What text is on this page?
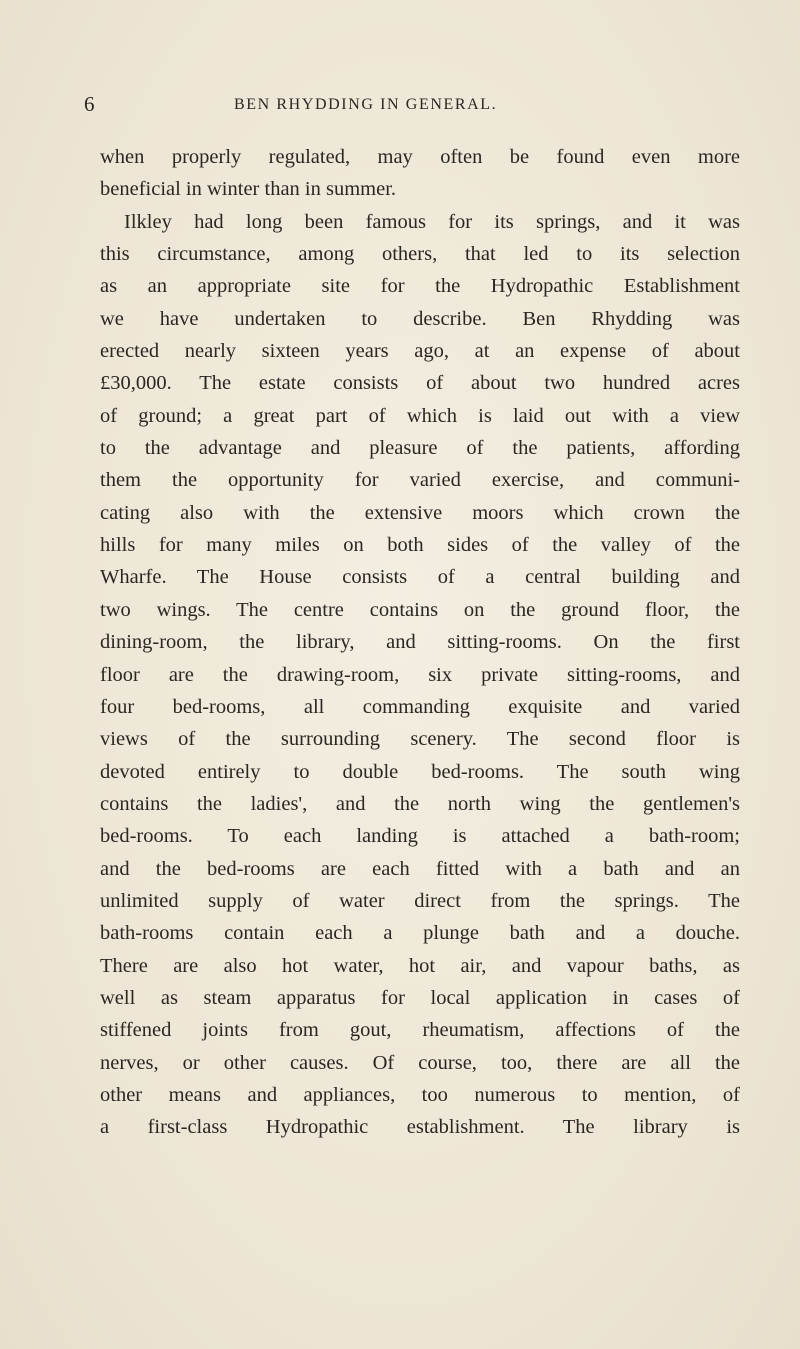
6	BEN RHYDDING IN GENERAL.
when properly regulated, may often be found even more
beneficial in winter than in summer.
Ilkley had long been famous for its springs, and it was
this circumstance, among others, that led to its selection
as an appropriate site for the Hydropathic Establishment
we have undertaken to describe. Ben Rhydding was
erected nearly sixteen years ago, at an expense of about
£30,000. The estate consists of about two hundred acres
of ground; a great part of which is laid out with a view
to the advantage and pleasure of the patients, affording
them the opportunity for varied exercise, and communi-
cating also with the extensive moors which crown the
hills for many miles on both sides of the valley of the
Wharfe. The House consists of a central building and
two wings. The centre contains on the ground floor, the
dining-room, the library, and sitting-rooms. On the first
floor are the drawing-room, six private sitting-rooms, and
four bed-rooms, all commanding exquisite and varied
views of the surrounding scenery. The second floor is
devoted entirely to double bed-rooms. The south wing
contains the ladies', and the north wing the gentlemen's
bed-rooms. To each landing is attached a bath-room;
and the bed-rooms are each fitted with a bath and an
unlimited supply of water direct from the springs. The
bath-rooms contain each a plunge bath and a douche.
There are also hot water, hot air, and vapour baths, as
well as steam apparatus for local application in cases of
stiffened joints from gout, rheumatism, affections of the
nerves, or other causes. Of course, too, there are all the
other means and appliances, too numerous to mention, of
a first-class Hydropathic establishment. The library is
